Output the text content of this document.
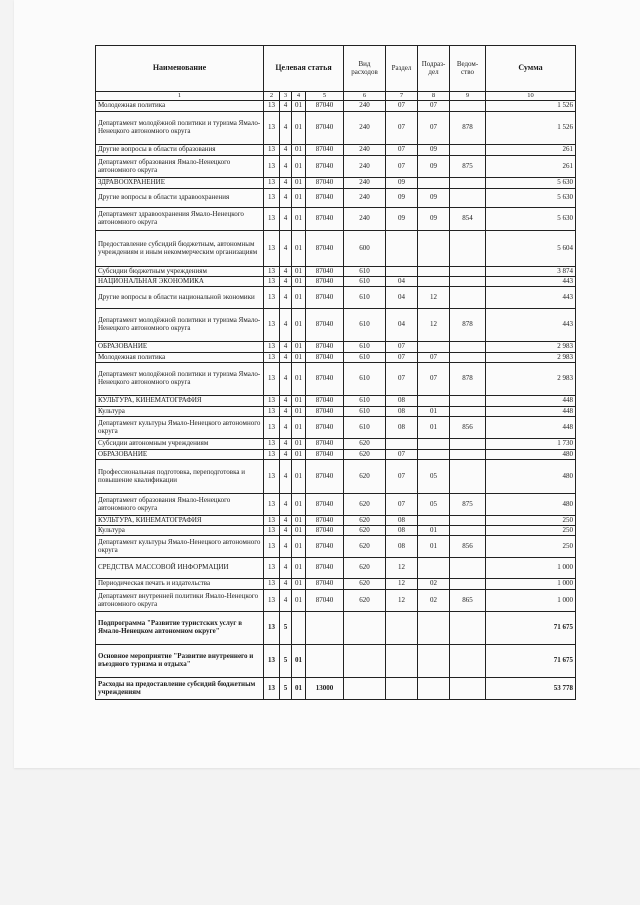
Наименование	Целевая статья				Вид расходов	Раздел	Подраз-дел	Ведом-ство	Сумма
1	2	3	4	5	6	7	8	9	10
Молодежная политика	13	4	01	87040	240	07	07		1 526
Департамент молодёжной политики и туризма Ямало-Ненецкого автономного округа	13	4	01	87040	240	07	07	878	1 526
Другие вопросы в области образования	13	4	01	87040	240	07	09		261
Департамент образования Ямало-Ненецкого автономного округа	13	4	01	87040	240	07	09	875	261
ЗДРАВООХРАНЕНИЕ	13	4	01	87040	240	09			5 630
Другие вопросы в области здравоохранения	13	4	01	87040	240	09	09		5 630
Департамент здравоохранения Ямало-Ненецкого автономного округа	13	4	01	87040	240	09	09	854	5 630
Предоставление субсидий бюджетным, автономным учреждениям и иным некоммерческим организациям	13	4	01	87040	600				5 604
Субсидии бюджетным учреждениям	13	4	01	87040	610				3 874
НАЦИОНАЛЬНАЯ ЭКОНОМИКА	13	4	01	87040	610	04			443
Другие вопросы в области национальной экономики	13	4	01	87040	610	04	12		443
Департамент молодёжной политики и туризма Ямало-Ненецкого автономного округа	13	4	01	87040	610	04	12	878	443
ОБРАЗОВАНИЕ	13	4	01	87040	610	07			2 983
Молодежная политика	13	4	01	87040	610	07	07		2 983
Департамент молодёжной политики и туризма Ямало-Ненецкого автономного округа	13	4	01	87040	610	07	07	878	2 983
КУЛЬТУРА, КИНЕМАТОГРАФИЯ	13	4	01	87040	610	08			448
Культура	13	4	01	87040	610	08	01		448
Департамент культуры Ямало-Ненецкого автономного округа	13	4	01	87040	610	08	01	856	448
Субсидии автономным учреждениям	13	4	01	87040	620				1 730
ОБРАЗОВАНИЕ	13	4	01	87040	620	07			480
Профессиональная подготовка, переподготовка и повышение квалификации	13	4	01	87040	620	07	05		480
Департамент образования Ямало-Ненецкого автономного округа	13	4	01	87040	620	07	05	875	480
КУЛЬТУРА, КИНЕМАТОГРАФИЯ	13	4	01	87040	620	08			250
Культура	13	4	01	87040	620	08	01		250
Департамент культуры Ямало-Ненецкого автономного округа	13	4	01	87040	620	08	01	856	250
СРЕДСТВА МАССОВОЙ ИНФОРМАЦИИ	13	4	01	87040	620	12			1 000
Периодическая печать и издательства	13	4	01	87040	620	12	02		1 000
Департамент внутренней политики Ямало-Ненецкого автономного округа	13	4	01	87040	620	12	02	865	1 000
Подпрограмма "Развитие туристских услуг в Ямало-Ненецком автономном округе"	13	5							71 675
Основное мероприятие "Развитие внутреннего и въездного туризма и отдыха"	13	5	01						71 675
Расходы на предоставление субсидий бюджетным учреждениям	13	5	01	13000					53 778
